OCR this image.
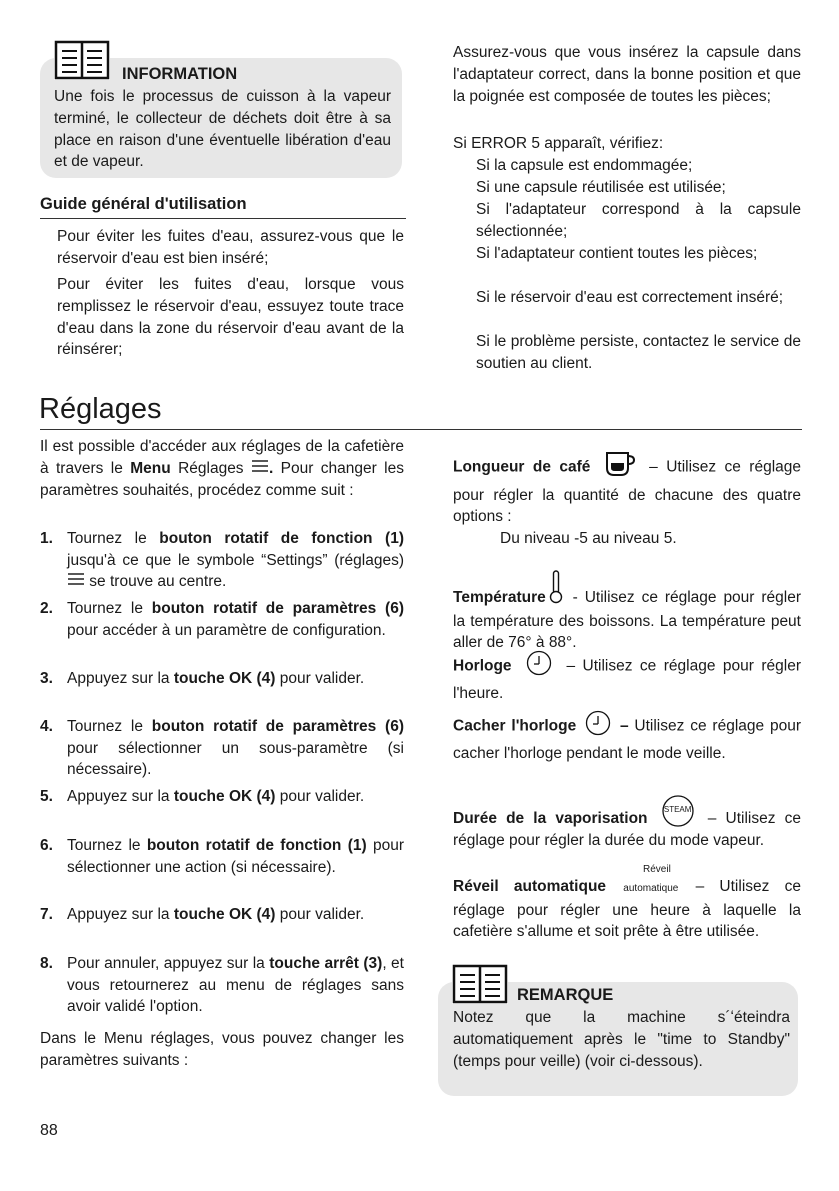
INFORMATION

Une fois le processus de cuisson à la vapeur terminé, le collecteur de déchets doit être à sa place en raison d'une éventuelle libération d'eau et de vapeur.

Guide général d'utilisation

Pour éviter les fuites d'eau, assurez-vous que le réservoir d'eau est bien inséré;

Pour éviter les fuites d'eau, lorsque vous remplissez le réservoir d'eau, essuyez toute trace d'eau dans la zone du réservoir d'eau avant de la réinsérer;

Assurez-vous que vous insérez la capsule dans l'adaptateur correct, dans la bonne position et que la poignée est composée de toutes les pièces;

Si ERROR 5 apparaît, vérifiez:

Si la capsule est endommagée;

Si une capsule réutilisée est utilisée;

Si l'adaptateur correspond à la capsule sélectionnée;

Si l'adaptateur contient toutes les pièces;

Si le réservoir d'eau est correctement inséré;

Si le problème persiste, contactez le service de soutien au client.

Réglages

Il est possible d'accéder aux réglages de la cafetière à travers le Menu Réglages . Pour changer les paramètres souhaités, procédez comme suit :

1. Tournez le bouton rotatif de fonction (1) jusqu'à ce que le symbole “Settings” (réglages)  se trouve au centre.
2. Tournez le bouton rotatif de paramètres (6) pour accéder à un paramètre de configuration.
3. Appuyez sur la touche OK (4) pour valider.
4. Tournez le bouton rotatif de paramètres (6) pour sélectionner un sous-paramètre (si nécessaire).
5. Appuyez sur la touche OK (4) pour valider.
6. Tournez le bouton rotatif de fonction (1) pour sélectionner une action (si nécessaire).
7. Appuyez sur la touche OK (4) pour valider.
8. Pour annuler, appuyez sur la touche arrêt (3), et vous retournerez au menu de réglages sans avoir validé l'option.

Dans le Menu réglages, vous pouvez changer les paramètres suivants :

Longueur de café	– Utilisez ce réglage pour régler la quantité de chacune des quatre options :

Du niveau -5 au niveau 5.

Température - Utilisez ce réglage pour régler la température des boissons. La température peut aller de 76° à 88°.
Horloge	– Utilisez ce réglage pour régler l'heure.
Cacher l'horloge  – Utilisez ce réglage pour cacher l'horloge pendant le mode veille.
Durée de la vaporisation
STEAM
– Utilisez ce réglage pour régler la durée du mode vapeur.
Réveil
Réveil automatique automatique – Utilisez ce réglage pour régler une heure à laquelle la cafetière s'allume et soit prête à être utilisée.
REMARQUE

Notez que la machine s´ʻéteindra automatiquement après le "time to Standby" (temps pour veille) (voir ci-dessous).

88
